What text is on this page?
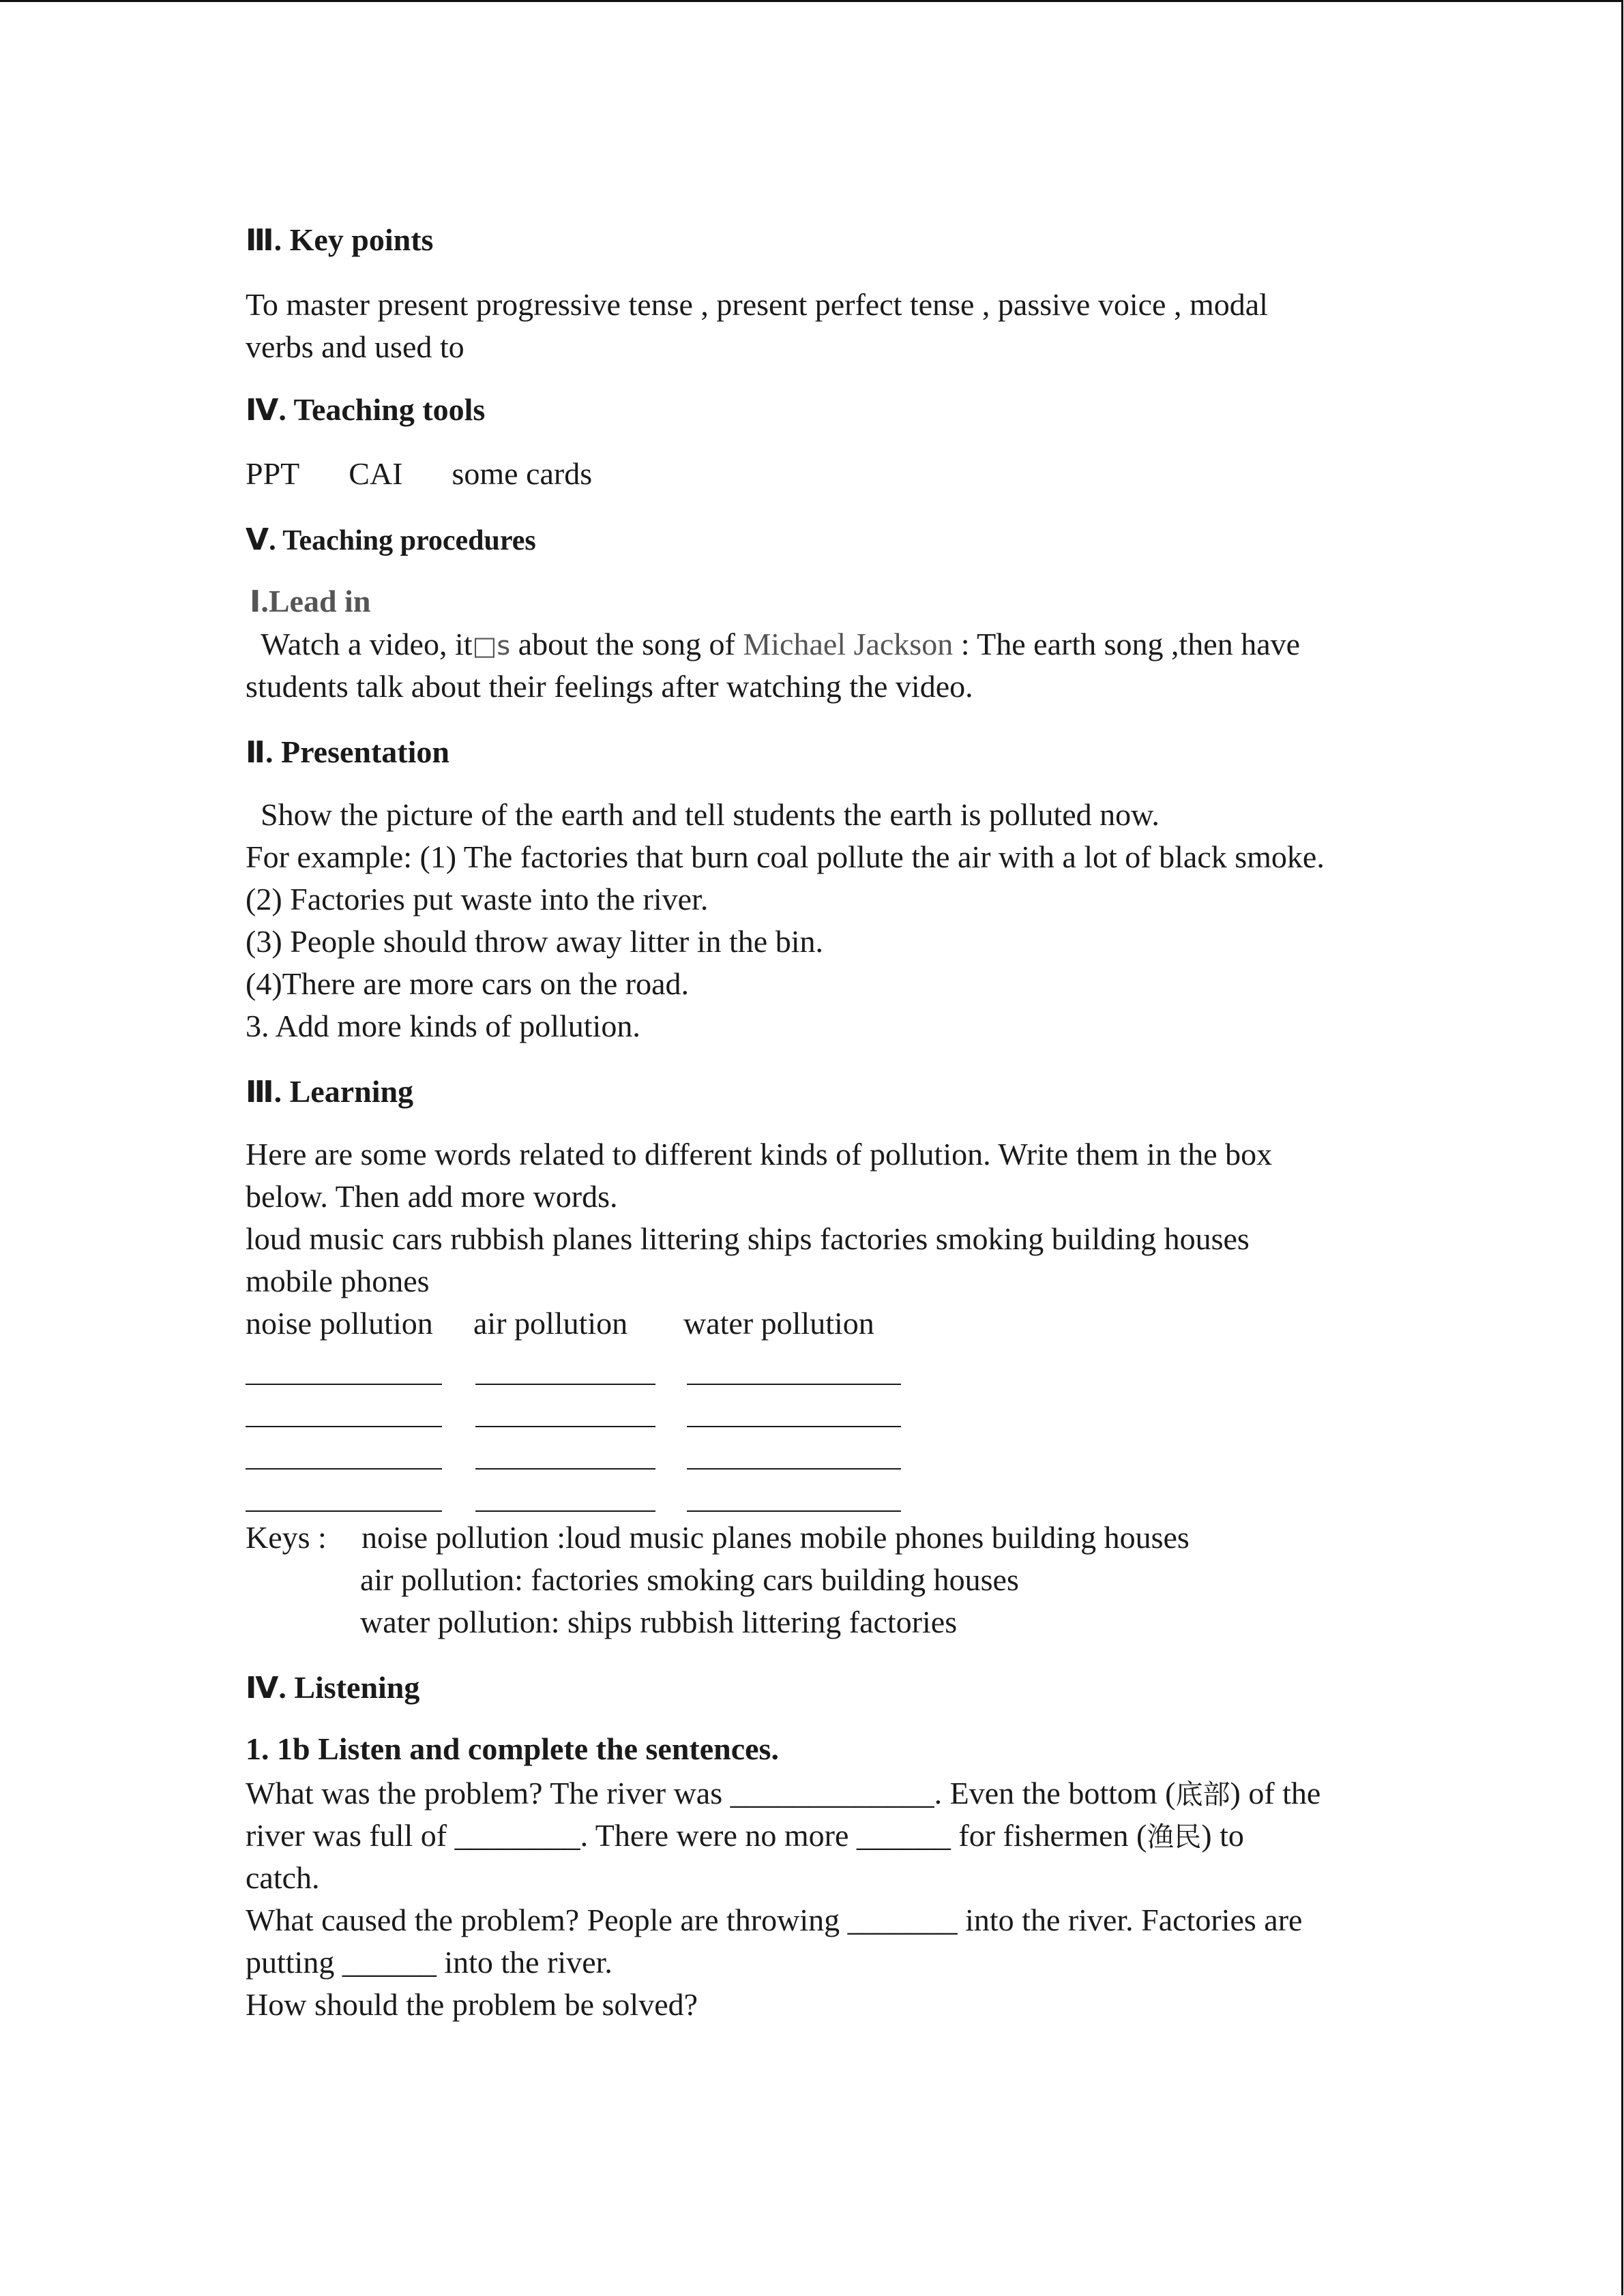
Ⅲ. Key points
To master present progressive tense , present perfect tense , passive voice , modal
verbs and used to
Ⅳ. Teaching tools
PPT CAI some cards
Ⅴ. Teaching procedures
Ⅰ.Lead in
Watch a video, it□s about the song of Michael Jackson : The earth song ,then have
students talk about their feelings after watching the video.
Ⅱ. Presentation
Show the picture of the earth and tell students the earth is polluted now.
For example: (1) The factories that burn coal pollute the air with a lot of black smoke.
(2) Factories put waste into the river.
(3) People should throw away litter in the bin.
(4)There are more cars on the road.
3. Add more kinds of pollution.
Ⅲ. Learning
Here are some words related to different kinds of pollution. Write them in the box
below. Then add more words.
loud music cars rubbish planes littering ships factories smoking building houses
mobile phones
noise pollution air pollution water pollution
Keys : noise pollution :loud music planes mobile phones building houses
air pollution: factories smoking cars building houses
water pollution: ships rubbish littering factories
Ⅳ. Listening
1. 1b Listen and complete the sentences.
What was the problem? The river was _____________. Even the bottom (底部) of the
river was full of ________. There were no more ______ for fishermen (渔民) to
catch.
What caused the problem? People are throwing _______ into the river. Factories are
putting ______ into the river.
How should the problem be solved?
